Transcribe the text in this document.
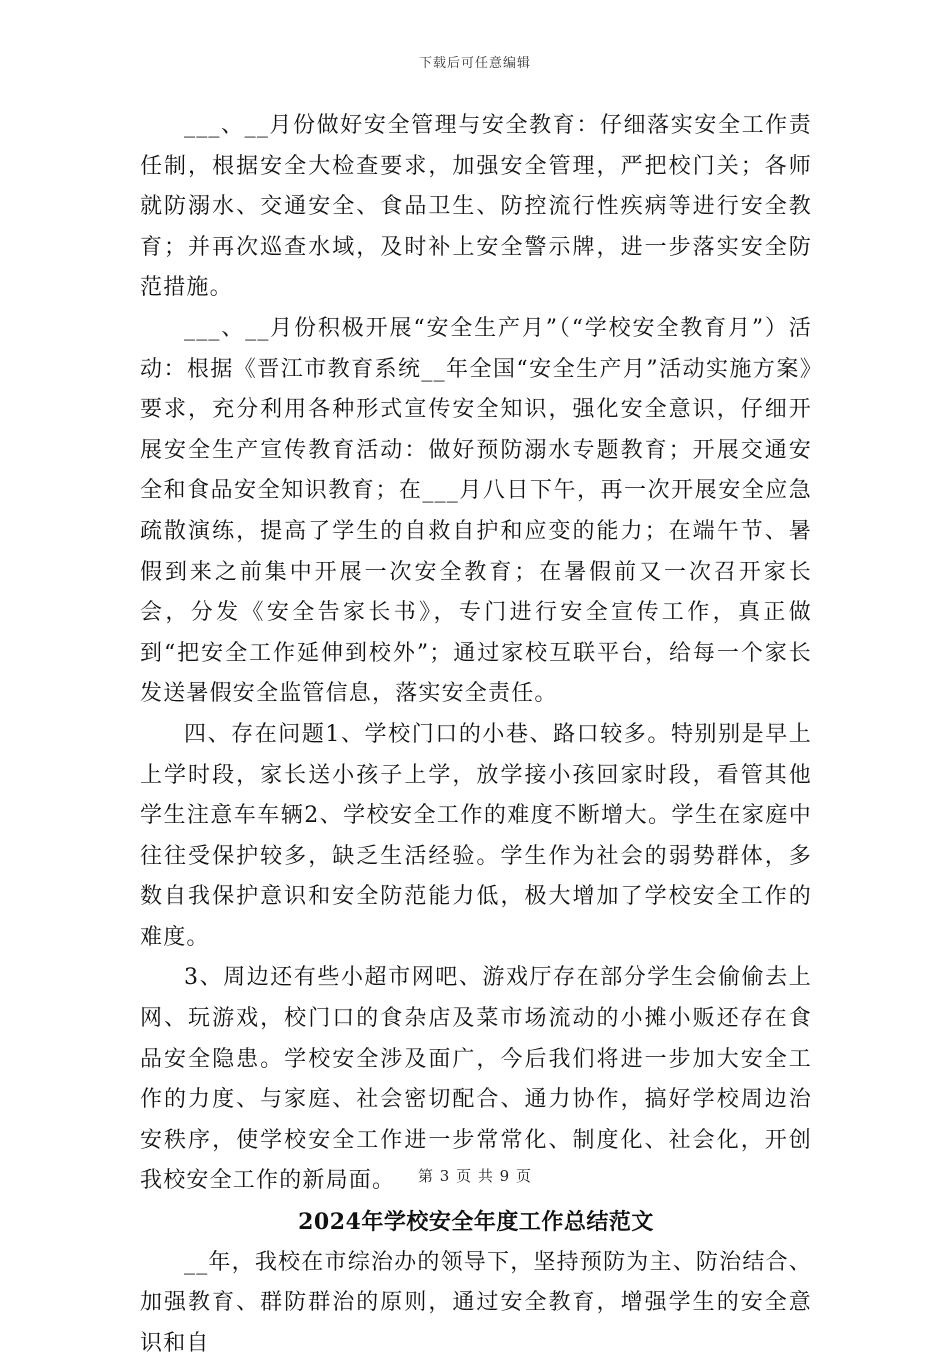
下载后可任意编辑

___、__月份做好安全管理与安全教育：仔细落实安全工作责任制，根据安全大检查要求，加强安全管理，严把校门关；各师就防溺水、交通安全、食品卫生、防控流行性疾病等进行安全教育；并再次巡查水域，及时补上安全警示牌，进一步落实安全防范措施。

___、__月份积极开展“安全生产月”（“学校安全教育月”）活动：根据《晋江市教育系统__年全国“安全生产月”活动实施方案》要求，充分利用各种形式宣传安全知识，强化安全意识，仔细开展安全生产宣传教育活动：做好预防溺水专题教育；开展交通安全和食品安全知识教育；在___月八日下午，再一次开展安全应急疏散演练，提高了学生的自救自护和应变的能力；在端午节、暑假到来之前集中开展一次安全教育；在暑假前又一次召开家长会，分发《安全告家长书》，专门进行安全宣传工作，真正做到“把安全工作延伸到校外”；通过家校互联平台，给每一个家长发送暑假安全监管信息，落实安全责任。

四、存在问题1、学校门口的小巷、路口较多。特别别是早上上学时段，家长送小孩子上学，放学接小孩回家时段，看管其他学生注意车车辆2、学校安全工作的难度不断增大。学生在家庭中往往受保护较多，缺乏生活经验。学生作为社会的弱势群体，多数自我保护意识和安全防范能力低，极大增加了学校安全工作的难度。

3、周边还有些小超市网吧、游戏厅存在部分学生会偷偷去上网、玩游戏，校门口的食杂店及菜市场流动的小摊小贩还存在食品安全隐患。学校安全涉及面广，今后我们将进一步加大安全工作的力度、与家庭、社会密切配合、通力协作，搞好学校周边治安秩序，使学校安全工作进一步常常化、制度化、社会化，开创我校安全工作的新局面。

2024年学校安全年度工作总结范文

__年，我校在市综治办的领导下，坚持预防为主、防治结合、加强教育、群防群治的原则，通过安全教育，增强学生的安全意识和自

第 3 页 共 9 页
